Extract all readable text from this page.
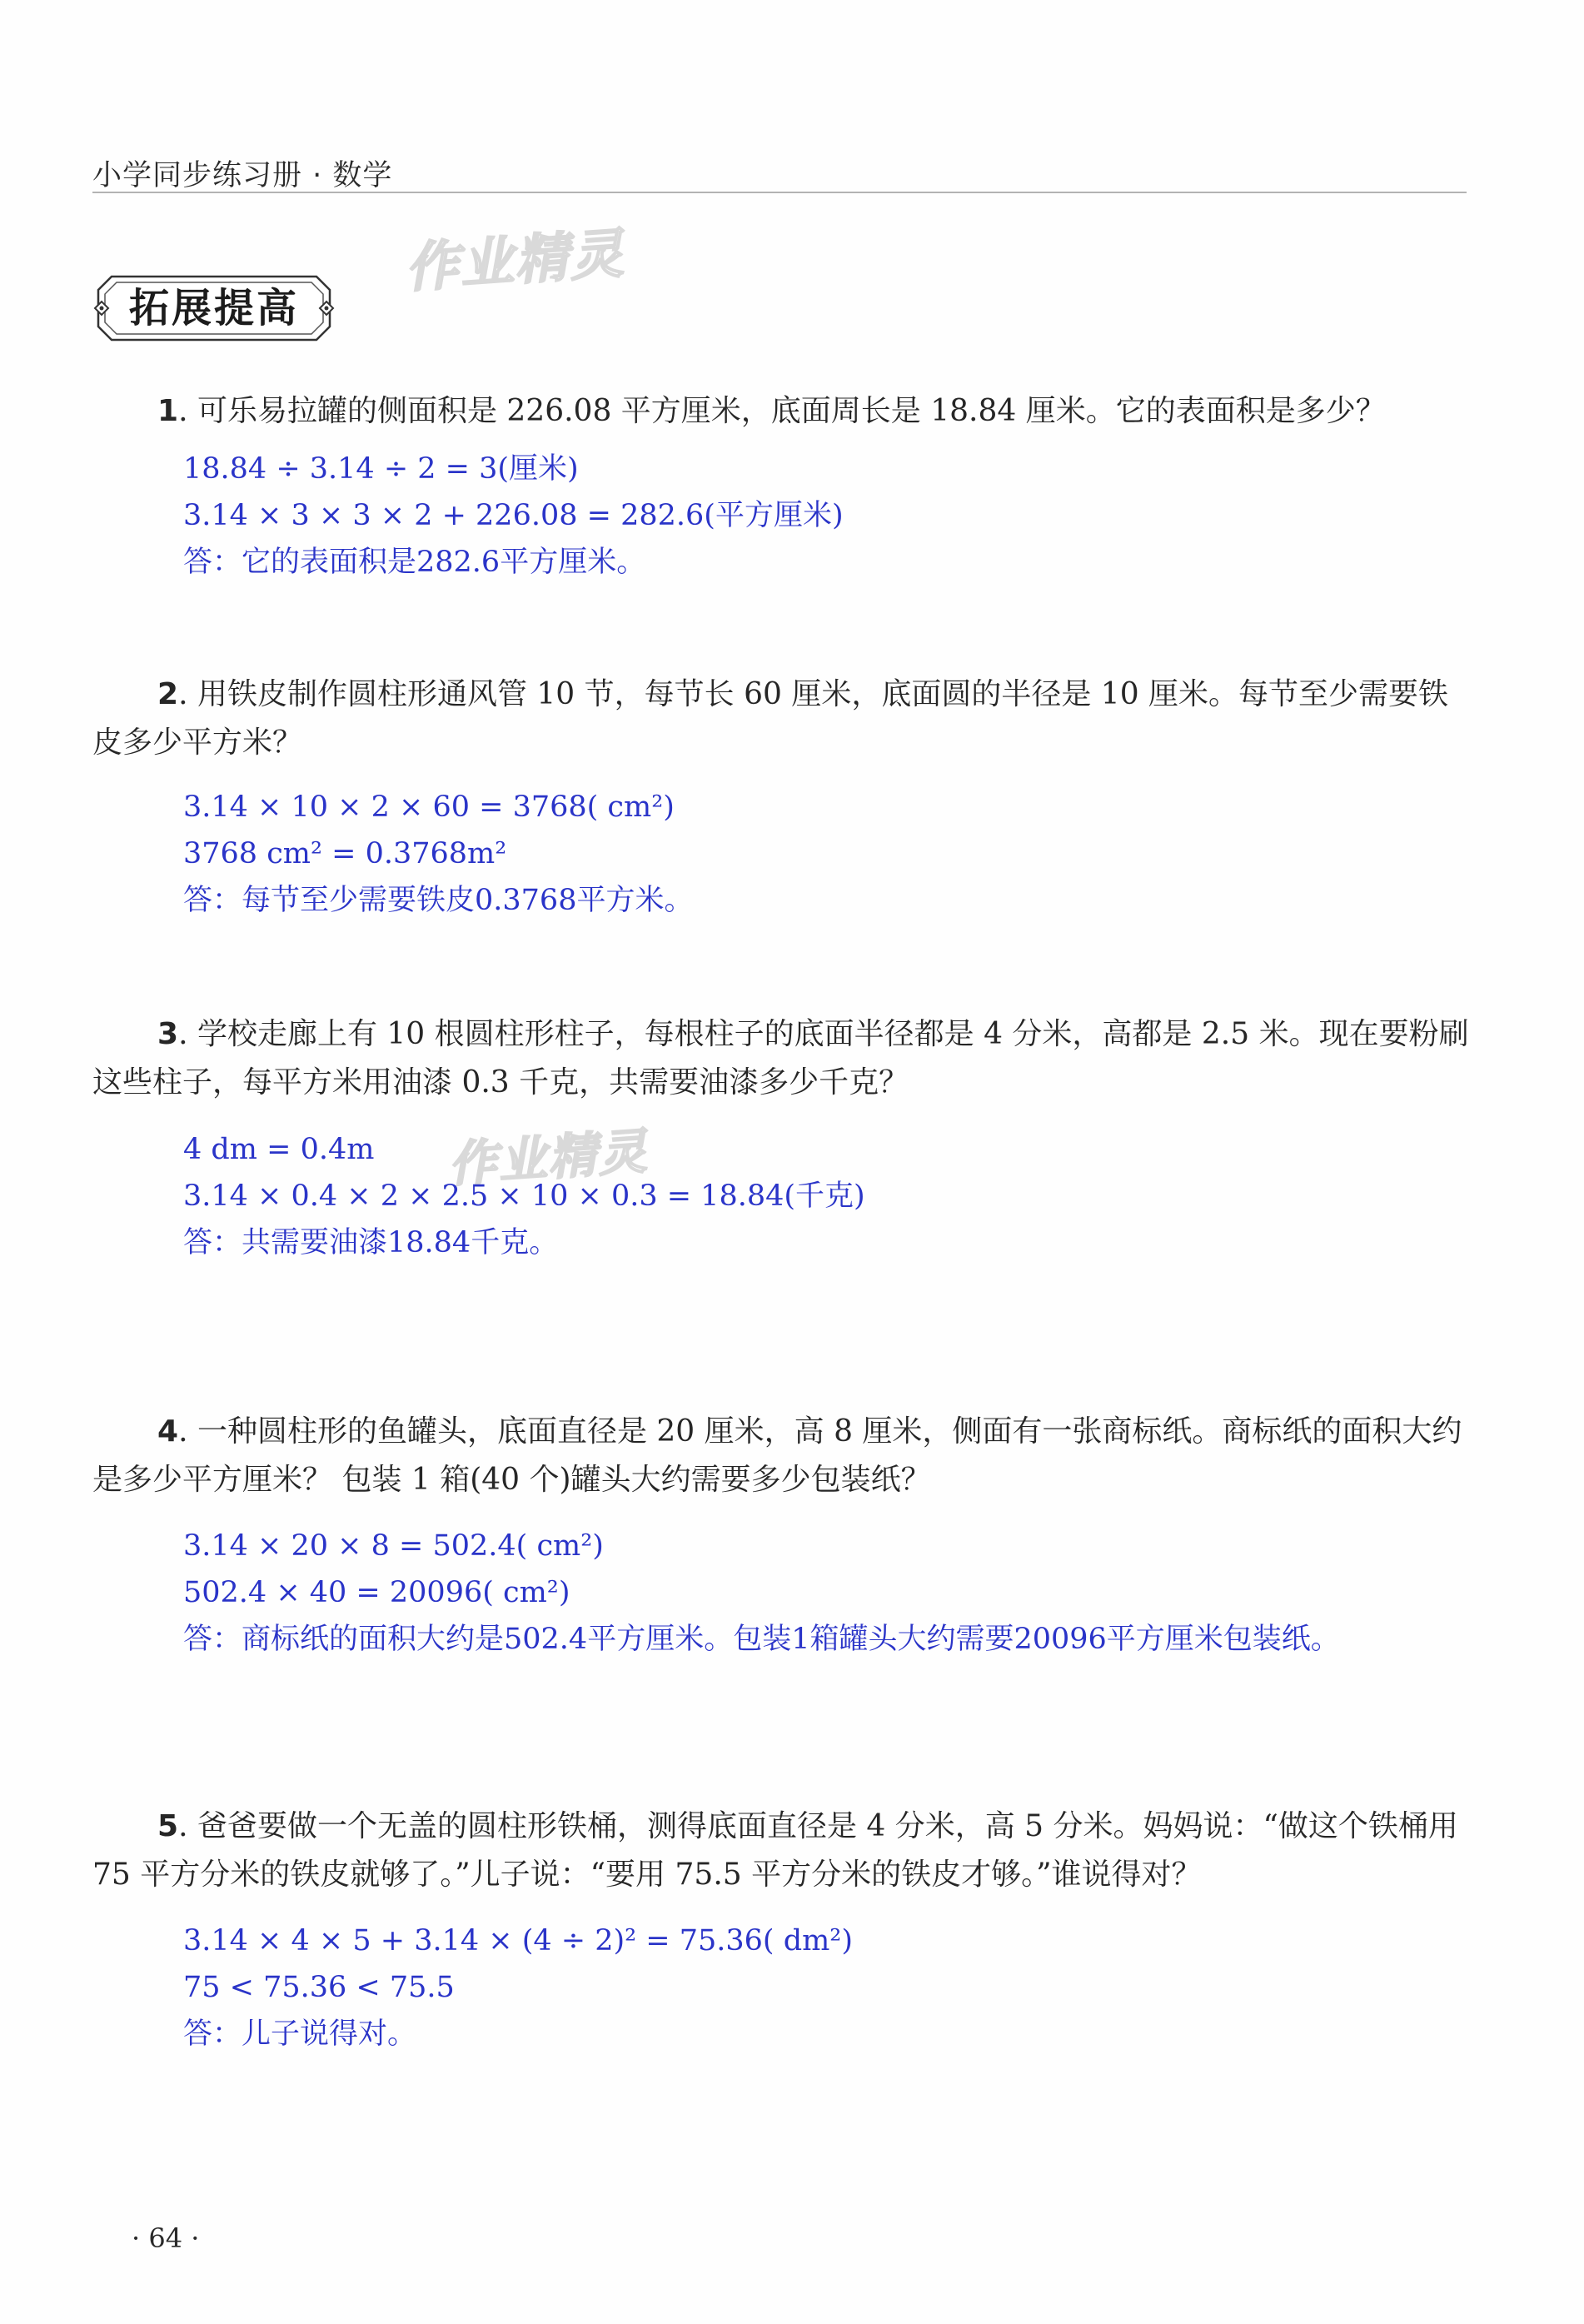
小学同步练习册 · 数学
作业精灵
拓展提高

1. 可乐易拉罐的侧面积是 226.08 平方厘米，底面周长是 18.84 厘米。它的表面积是多少？

18.84 ÷ 3.14 ÷ 2 = 3(厘米)
3.14 × 3 × 3 × 2 + 226.08 = 282.6(平方厘米)
答：它的表面积是282.6平方厘米。

2. 用铁皮制作圆柱形通风管 10 节，每节长 60 厘米，底面圆的半径是 10 厘米。每节至少需要铁皮多少平方米？

3.14 × 10 × 2 × 60 = 3768( cm²)
3768 cm² = 0.3768m²
答：每节至少需要铁皮0.3768平方米。

3. 学校走廊上有 10 根圆柱形柱子，每根柱子的底面半径都是 4 分米，高都是 2.5 米。现在要粉刷这些柱子，每平方米用油漆 0.3 千克，共需要油漆多少千克？

作业精灵
4 dm = 0.4m
3.14 × 0.4 × 2 × 2.5 × 10 × 0.3 = 18.84(千克)
答：共需要油漆18.84千克。

4. 一种圆柱形的鱼罐头，底面直径是 20 厘米，高 8 厘米，侧面有一张商标纸。商标纸的面积大约是多少平方厘米？ 包装 1 箱(40 个)罐头大约需要多少包装纸？

3.14 × 20 × 8 = 502.4( cm²)
502.4 × 40 = 20096( cm²)
答：商标纸的面积大约是502.4平方厘米。包装1箱罐头大约需要20096平方厘米包装纸。

5. 爸爸要做一个无盖的圆柱形铁桶，测得底面直径是 4 分米，高 5 分米。妈妈说：“做这个铁桶用 75 平方分米的铁皮就够了。”儿子说：“要用 75.5 平方分米的铁皮才够。”谁说得对？

3.14 × 4 × 5 + 3.14 × (4 ÷ 2)² = 75.36( dm²)
75 < 75.36 < 75.5
答：儿子说得对。
· 64 ·
